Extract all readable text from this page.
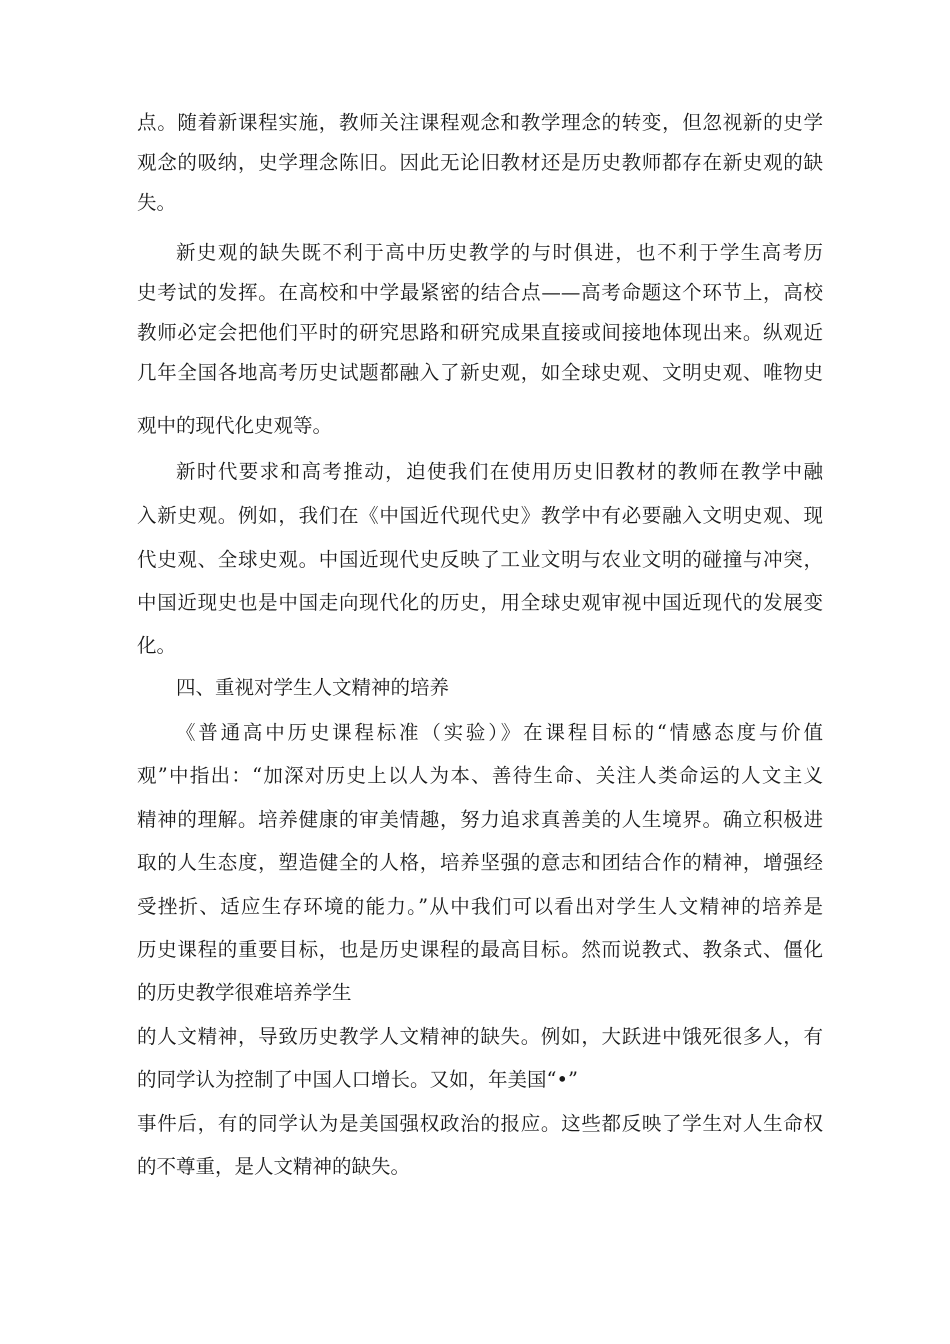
点。随着新课程实施，教师关注课程观念和教学理念的转变，但忽视新的史学
观念的吸纳，史学理念陈旧。因此无论旧教材还是历史教师都存在新史观的缺
失。
新史观的缺失既不利于高中历史教学的与时俱进，也不利于学生高考历
史考试的发挥。在高校和中学最紧密的结合点——高考命题这个环节上，高校
教师必定会把他们平时的研究思路和研究成果直接或间接地体现出来。纵观近
几年全国各地高考历史试题都融入了新史观，如全球史观、文明史观、唯物史
观中的现代化史观等。
新时代要求和高考推动，迫使我们在使用历史旧教材的教师在教学中融
入新史观。例如，我们在《中国近代现代史》教学中有必要融入文明史观、现
代史观、全球史观。中国近现代史反映了工业文明与农业文明的碰撞与冲突，
中国近现史也是中国走向现代化的历史，用全球史观审视中国近现代的发展变
化。
四、重视对学生人文精神的培养
《普通高中历史课程标准（实验）》在课程目标的“情感态度与价值
观”中指出：“加深对历史上以人为本、善待生命、关注人类命运的人文主义
精神的理解。培养健康的审美情趣，努力追求真善美的人生境界。确立积极进
取的人生态度，塑造健全的人格，培养坚强的意志和团结合作的精神，增强经
受挫折、适应生存环境的能力。”从中我们可以看出对学生人文精神的培养是
历史课程的重要目标，也是历史课程的最高目标。然而说教式、教条式、僵化
的历史教学很难培养学生
的人文精神，导致历史教学人文精神的缺失。例如，大跃进中饿死很多人，有
的同学认为控制了中国人口增长。又如，年美国“•”
事件后，有的同学认为是美国强权政治的报应。这些都反映了学生对人生命权
的不尊重，是人文精神的缺失。
